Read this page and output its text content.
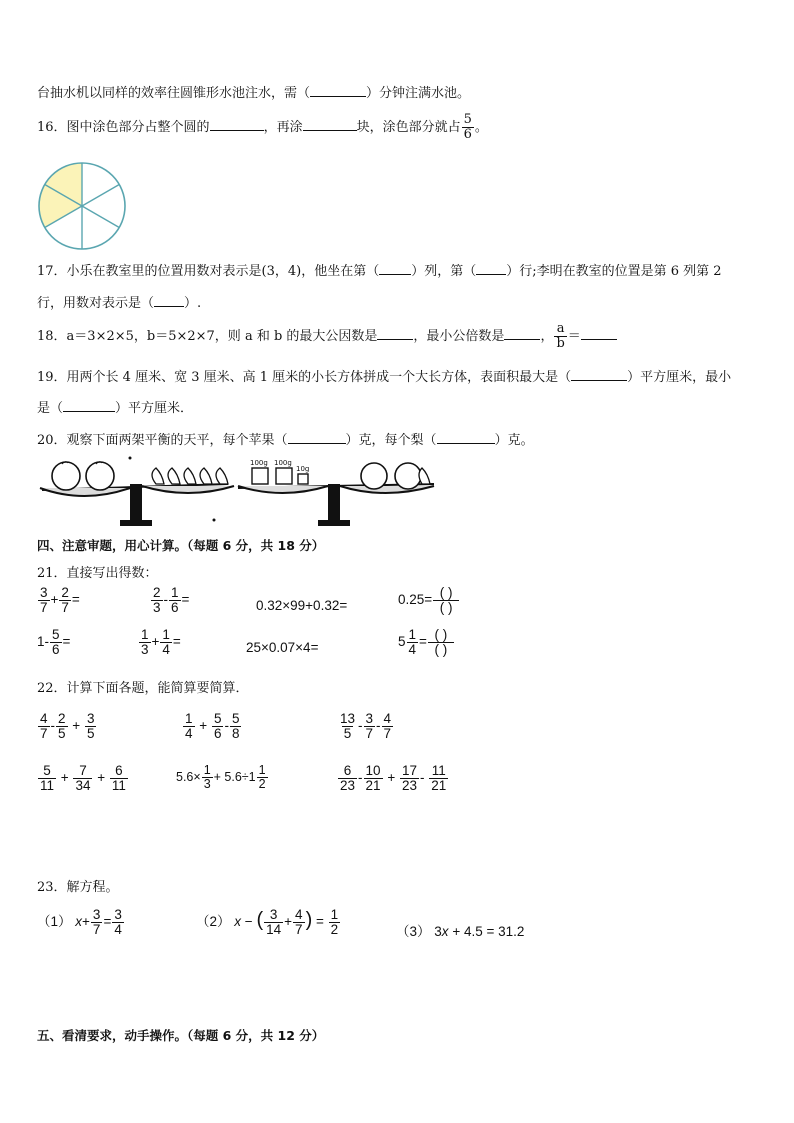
台抽水机以同样的效率往圆锥形水池注水，需（	）分钟注满水池。
16．图中涂色部分占整个圆的	，再涂	块，涂色部分就占 $\frac{5}{6}$ 。
17．小乐在教室里的位置用数对表示是(3，4)，他坐在第（ ）列，第（ ）行;李明在教室的位置是第 6 列第 2
行，用数对表示是（ ）.
18．a＝3×2×5，b＝5×2×7，则 a 和 b 的最大公因数是	，最小公倍数是	， $\frac{a}{b}$ ＝
19．用两个长 4 厘米、宽 3 厘米、高 1 厘米的小长方体拼成一个大长方体，表面积最大是（	）平方厘米，最小
是（	）平方厘米．
20．观察下面两架平衡的天平，每个苹果（	）克，每个梨（	）克。
100g 100g
10g
四、注意审题，用心计算。（每题 6 分，共 18 分）
21．直接写出得数：
$\frac{3}{7} + \frac{2}{7}$ =	$\frac{2}{3} - \frac{1}{6}$ =	0.32×99+0.32=	$0.25= \frac{( )}{( )}$
$1- \frac{5}{6}$ =	$\frac{1}{3} + \frac{1}{4}$ =	25×0.07×4=	$5 \frac{1}{4} = \frac{( )}{( )}$
22．计算下面各题，能简算要简算．
$\frac{4}{7} - \frac{2}{5} + \frac{3}{5}$	$\frac{1}{4} + \frac{5}{6} - \frac{5}{8}$	$\frac{13}{5} - \frac{3}{7} - \frac{4}{7}$
$\frac{5}{11} + \frac{7}{34} + \frac{6}{11}$	$5.6\times \frac{1}{3} + 5.6\div 1 \frac{1}{2}$	$\frac{6}{23} - \frac{10}{21} + \frac{17}{23} - \frac{11}{21}$
23．解方程。
（1） $x+ \frac{3}{7} = \frac{3}{4}$	（2） x − ( $\frac{3}{14} + \frac{4}{7}$ ) = $\frac{1}{2}$	（3） 3x + 4.5 = 31.2
五、看清要求，动手操作。（每题 6 分，共 12 分）
